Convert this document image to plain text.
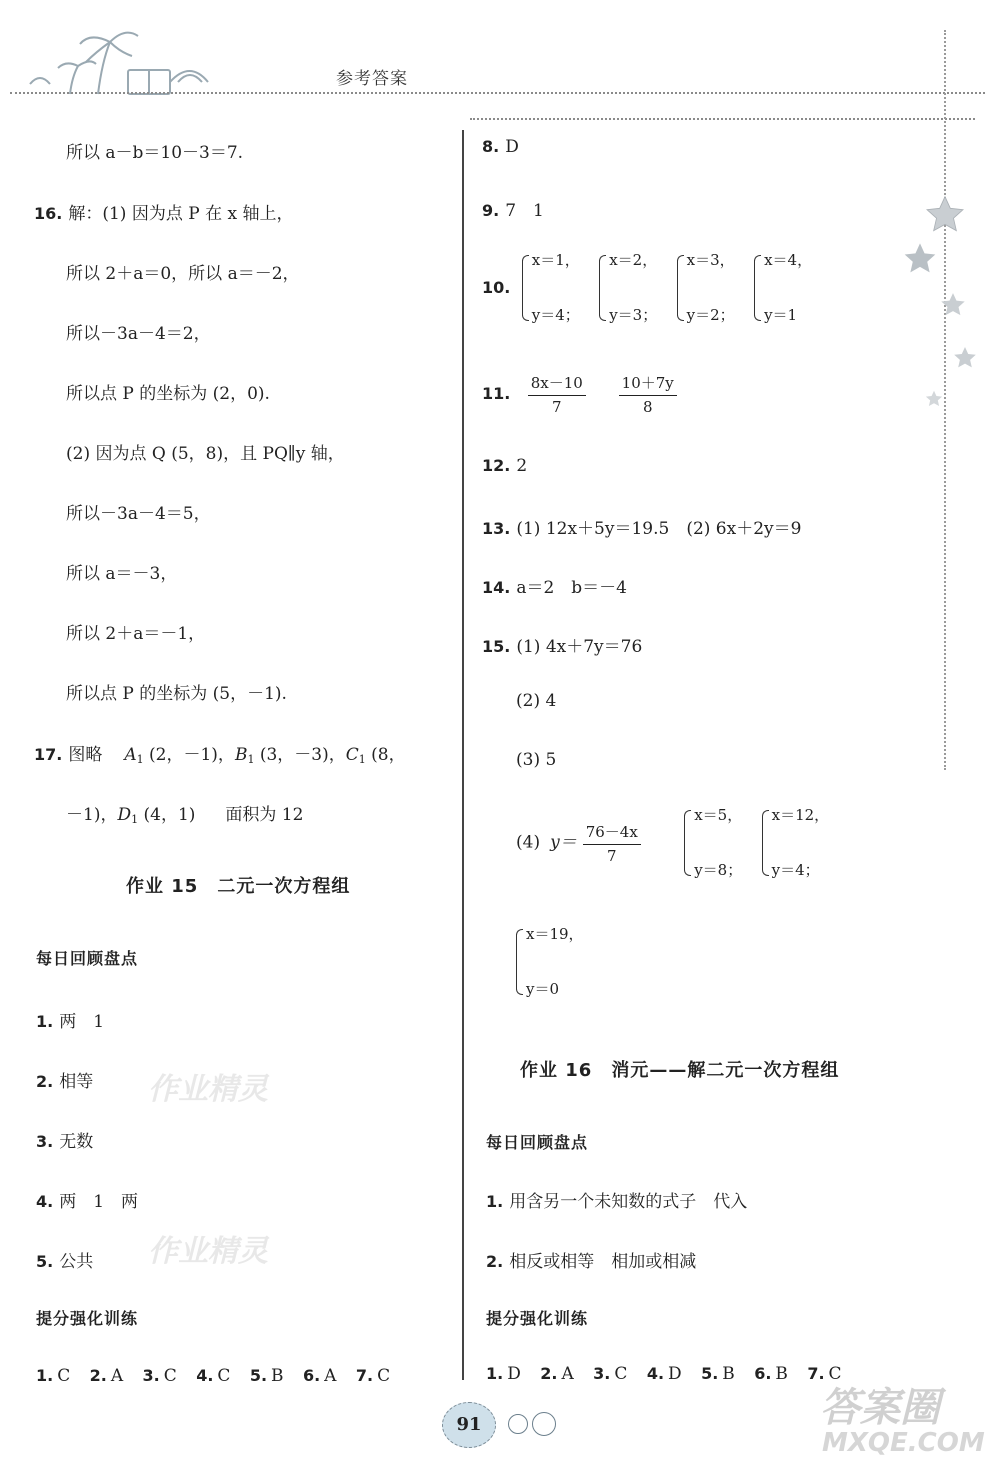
参考答案
所以 a－b＝10－3＝7.
16. 解：(1) 因为点 P 在 x 轴上，
所以 2＋a＝0，所以 a＝－2，
所以－3a－4＝2，
所以点 P 的坐标为 (2，0).
(2) 因为点 Q (5，8)，且 PQ∥y 轴，
所以－3a－4＝5，
所以 a＝－3，
所以 2＋a＝－1，
所以点 P 的坐标为 (5，－1).
17. 图略 $A_1$ (2，－1)，$B_1$ (3，－3)，$C_1$ (8，
－1)，$D_1$ (4，1) 面积为 12
作业 15　二元一次方程组
每日回顾盘点
1. 两　1
2. 相等
3. 无数
4. 两　1　两
5. 公共
作业精灵
作业精灵
提分强化训练
1. C 2. A 3. C 4. C 5. B 6. A 7. C
8. D
9. 7　1
10.
x＝1，
y＝4；

x＝2，
y＝3；

x＝3，
y＝2；

x＝4，
y＝1
11. $\frac{8x-10}{7}$
$\frac{10+7y}{8}$
12. 2
13. (1) 12x＋5y＝19.5　(2) 6x＋2y＝9
14. a＝2　b＝－4
15. (1) 4x＋7y＝76
(2) 4
(3) 5
(4) $y= \frac{76-4x}{7}$

x＝5，
y＝8；

x＝12，
y＝4；
x＝19，
y＝0
作业 16　消元——解二元一次方程组
每日回顾盘点
1. 用含另一个未知数的式子　代入
2. 相反或相等　相加或相减
提分强化训练
1. D 2. A 3. C 4. D 5. B 6. B 7. C
91	答案圈
MXQE.COM
